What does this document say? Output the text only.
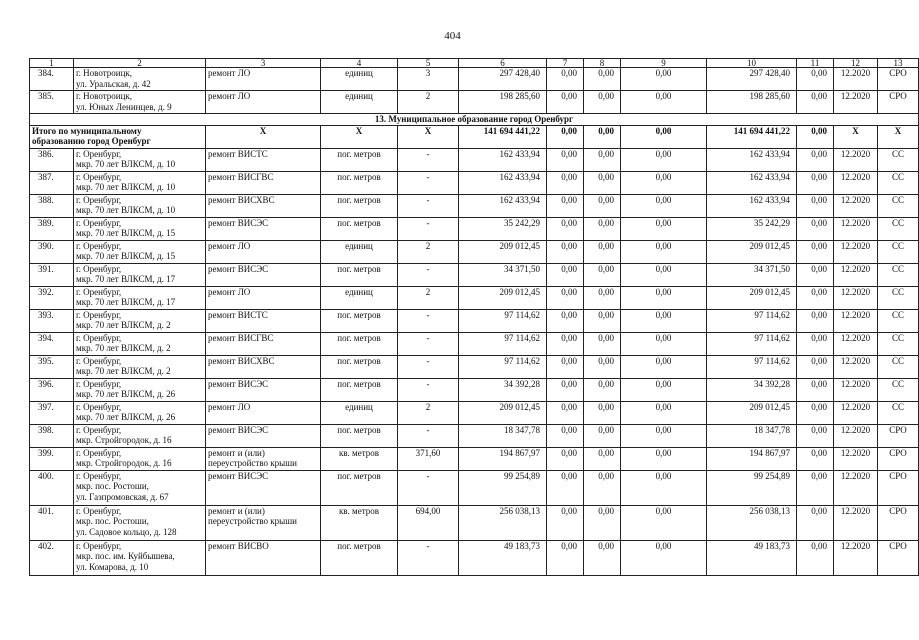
404
1	2	3	4	5	6	7	8	9	10	11	12	13
384.	г. Новотроицк,
ул. Уральская, д. 42	ремонт ЛО	единиц	3	297 428,40	0,00	0,00	0,00	297 428,40	0,00	12.2020	СРО
385.	г. Новотроицк,
ул. Юных Ленинцев, д. 9	ремонт ЛО	единиц	2	198 285,60	0,00	0,00	0,00	198 285,60	0,00	12.2020	СРО
13. Муниципальное образование город Оренбург												
Итого по муниципальному
образованию город Оренбург		X	X	X	141 694 441,22	0,00	0,00	0,00	141 694 441,22	0,00	X	X
386.	г. Оренбург,
мкр. 70 лет ВЛКСМ, д. 10	ремонт ВИСТС	пог. метров	-	162 433,94	0,00	0,00	0,00	162 433,94	0,00	12.2020	СС
387.	г. Оренбург,
мкр. 70 лет ВЛКСМ, д. 10	ремонт ВИСГВС	пог. метров	-	162 433,94	0,00	0,00	0,00	162 433,94	0,00	12.2020	СС
388.	г. Оренбург,
мкр. 70 лет ВЛКСМ, д. 10	ремонт ВИСХВС	пог. метров	-	162 433,94	0,00	0,00	0,00	162 433,94	0,00	12.2020	СС
389.	г. Оренбург,
мкр. 70 лет ВЛКСМ, д. 15	ремонт ВИСЭС	пог. метров	-	35 242,29	0,00	0,00	0,00	35 242,29	0,00	12.2020	СС
390.	г. Оренбург,
мкр. 70 лет ВЛКСМ, д. 15	ремонт ЛО	единиц	2	209 012,45	0,00	0,00	0,00	209 012,45	0,00	12.2020	СС
391.	г. Оренбург,
мкр. 70 лет ВЛКСМ, д. 17	ремонт ВИСЭС	пог. метров	-	34 371,50	0,00	0,00	0,00	34 371,50	0,00	12.2020	СС
392.	г. Оренбург,
мкр. 70 лет ВЛКСМ, д. 17	ремонт ЛО	единиц	2	209 012,45	0,00	0,00	0,00	209 012,45	0,00	12.2020	СС
393.	г. Оренбург,
мкр. 70 лет ВЛКСМ, д. 2	ремонт ВИСТС	пог. метров	-	97 114,62	0,00	0,00	0,00	97 114,62	0,00	12.2020	СС
394.	г. Оренбург,
мкр. 70 лет ВЛКСМ, д. 2	ремонт ВИСГВС	пог. метров	-	97 114,62	0,00	0,00	0,00	97 114,62	0,00	12.2020	СС
395.	г. Оренбург,
мкр. 70 лет ВЛКСМ, д. 2	ремонт ВИСХВС	пог. метров	-	97 114,62	0,00	0,00	0,00	97 114,62	0,00	12.2020	СС
396.	г. Оренбург,
мкр. 70 лет ВЛКСМ, д. 26	ремонт ВИСЭС	пог. метров	-	34 392,28	0,00	0,00	0,00	34 392,28	0,00	12.2020	СС
397.	г. Оренбург,
мкр. 70 лет ВЛКСМ, д. 26	ремонт ЛО	единиц	2	209 012,45	0,00	0,00	0,00	209 012,45	0,00	12.2020	СС
398.	г. Оренбург,
мкр. Стройгородок, д. 16	ремонт ВИСЭС	пог. метров	-	18 347,78	0,00	0,00	0,00	18 347,78	0,00	12.2020	СРО
399.	г. Оренбург,
мкр. Стройгородок, д. 16	ремонт и (или)
переустройство крыши	кв. метров	371,60	194 867,97	0,00	0,00	0,00	194 867,97	0,00	12.2020	СРО
400.	г. Оренбург,
мкр. пос. Ростоши,
ул. Газпромовская, д. 67	ремонт ВИСЭС	пог. метров	-	99 254,89	0,00	0,00	0,00	99 254,89	0,00	12.2020	СРО
401.	г. Оренбург,
мкр. пос. Ростоши,
ул. Садовое кольцо, д. 128	ремонт и (или)
переустройство крыши	кв. метров	694,00	256 038,13	0,00	0,00	0,00	256 038,13	0,00	12.2020	СРО
402.	г. Оренбург,
мкр. пос. им. Куйбышева,
ул. Комарова, д. 10	ремонт ВИСВО	пог. метров	-	49 183,73	0,00	0,00	0,00	49 183,73	0,00	12.2020	СРО
